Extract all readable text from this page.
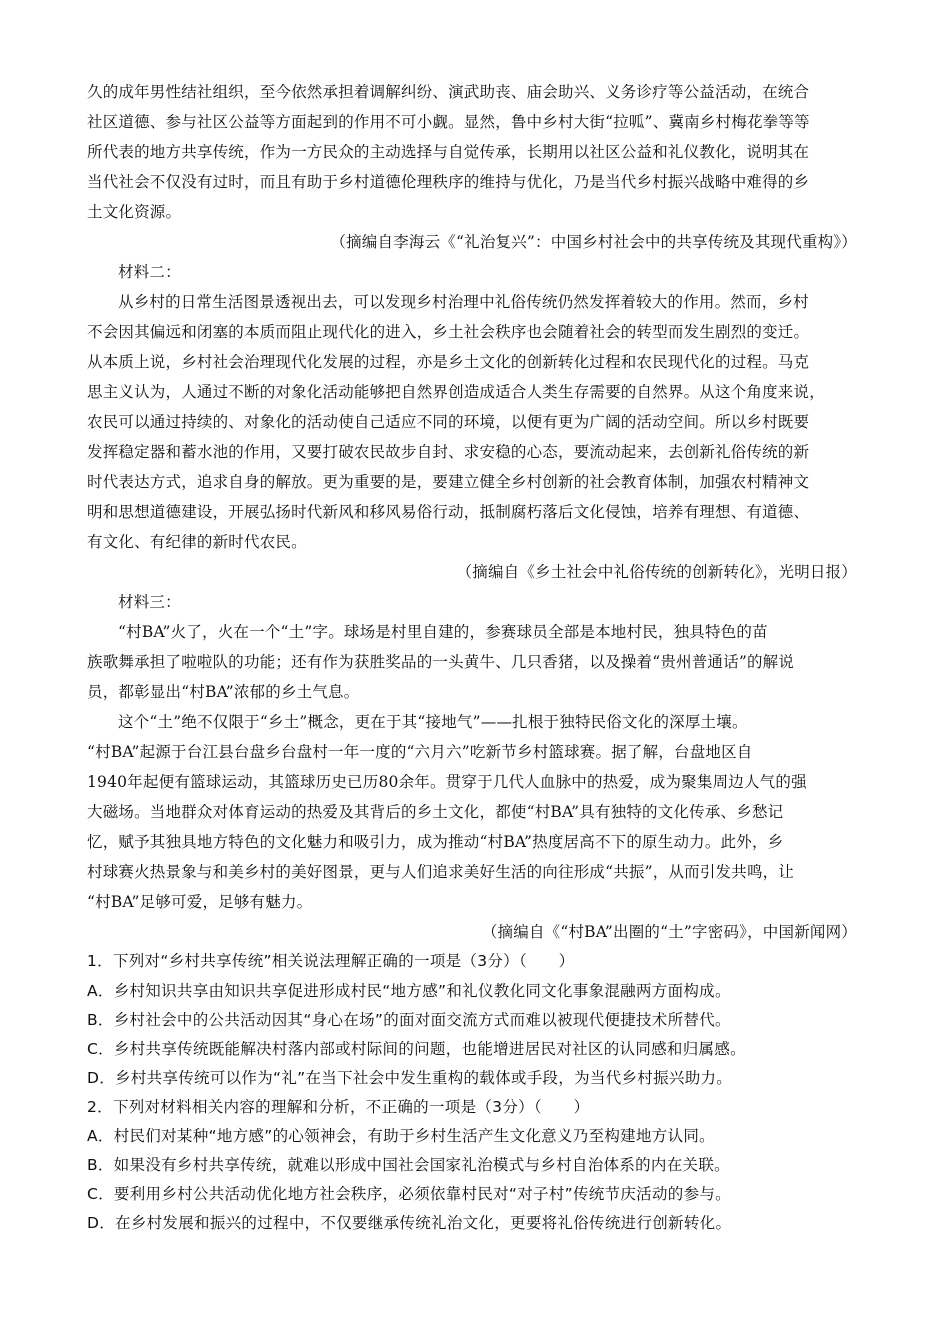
久的成年男性结社组织，至今依然承担着调解纠纷、演武助丧、庙会助兴、义务诊疗等公益活动，在统合
社区道德、参与社区公益等方面起到的作用不可小觑。显然，鲁中乡村大街“拉呱”、冀南乡村梅花拳等等
所代表的地方共享传统，作为一方民众的主动选择与自觉传承，长期用以社区公益和礼仪教化，说明其在
当代社会不仅没有过时，而且有助于乡村道德伦理秩序的维持与优化，乃是当代乡村振兴战略中难得的乡
土文化资源。
（摘编自李海云《“礼治复兴”：中国乡村社会中的共享传统及其现代重构》）
材料二：
从乡村的日常生活图景透视出去，可以发现乡村治理中礼俗传统仍然发挥着较大的作用。然而，乡村
不会因其偏远和闭塞的本质而阻止现代化的进入，乡土社会秩序也会随着社会的转型而发生剧烈的变迁。
从本质上说，乡村社会治理现代化发展的过程，亦是乡土文化的创新转化过程和农民现代化的过程。马克
思主义认为，人通过不断的对象化活动能够把自然界创造成适合人类生存需要的自然界。从这个角度来说，
农民可以通过持续的、对象化的活动使自己适应不同的环境，以便有更为广阔的活动空间。所以乡村既要
发挥稳定器和蓄水池的作用，又要打破农民故步自封、求安稳的心态，要流动起来，去创新礼俗传统的新
时代表达方式，追求自身的解放。更为重要的是，要建立健全乡村创新的社会教育体制，加强农村精神文
明和思想道德建设，开展弘扬时代新风和移风易俗行动，抵制腐朽落后文化侵蚀，培养有理想、有道德、
有文化、有纪律的新时代农民。
（摘编自《乡土社会中礼俗传统的创新转化》，光明日报）
材料三：
“村BA”火了，火在一个“土”字。球场是村里自建的，参赛球员全部是本地村民，独具特色的苗
族歌舞承担了啦啦队的功能；还有作为获胜奖品的一头黄牛、几只香猪，以及操着“贵州普通话”的解说
员，都彰显出“村BA”浓郁的乡土气息。
这个“土”绝不仅限于“乡土”概念，更在于其“接地气”——扎根于独特民俗文化的深厚土壤。
“村BA”起源于台江县台盘乡台盘村一年一度的“六月六”吃新节乡村篮球赛。据了解，台盘地区自
1940年起便有篮球运动，其篮球历史已历80余年。贯穿于几代人血脉中的热爱，成为聚集周边人气的强
大磁场。当地群众对体育运动的热爱及其背后的乡土文化，都使“村BA”具有独特的文化传承、乡愁记
忆，赋予其独具地方特色的文化魅力和吸引力，成为推动“村BA”热度居高不下的原生动力。此外，乡
村球赛火热景象与和美乡村的美好图景，更与人们追求美好生活的向往形成“共振”，从而引发共鸣，让
“村BA”足够可爱，足够有魅力。
（摘编自《“村BA”出圈的“土”字密码》，中国新闻网）
1．下列对“乡村共享传统”相关说法理解正确的一项是（3分）（　　）
A．乡村知识共享由知识共享促进形成村民“地方感”和礼仪教化同文化事象混融两方面构成。
B．乡村社会中的公共活动因其“身心在场”的面对面交流方式而难以被现代便捷技术所替代。
C．乡村共享传统既能解决村落内部或村际间的问题，也能增进居民对社区的认同感和归属感。
D．乡村共享传统可以作为“礼”在当下社会中发生重构的载体或手段，为当代乡村振兴助力。
2．下列对材料相关内容的理解和分析，不正确的一项是（3分）（　　）
A．村民们对某种“地方感”的心领神会，有助于乡村生活产生文化意义乃至构建地方认同。
B．如果没有乡村共享传统，就难以形成中国社会国家礼治模式与乡村自治体系的内在关联。
C．要利用乡村公共活动优化地方社会秩序，必须依靠村民对“对子村”传统节庆活动的参与。
D．在乡村发展和振兴的过程中，不仅要继承传统礼治文化，更要将礼俗传统进行创新转化。
